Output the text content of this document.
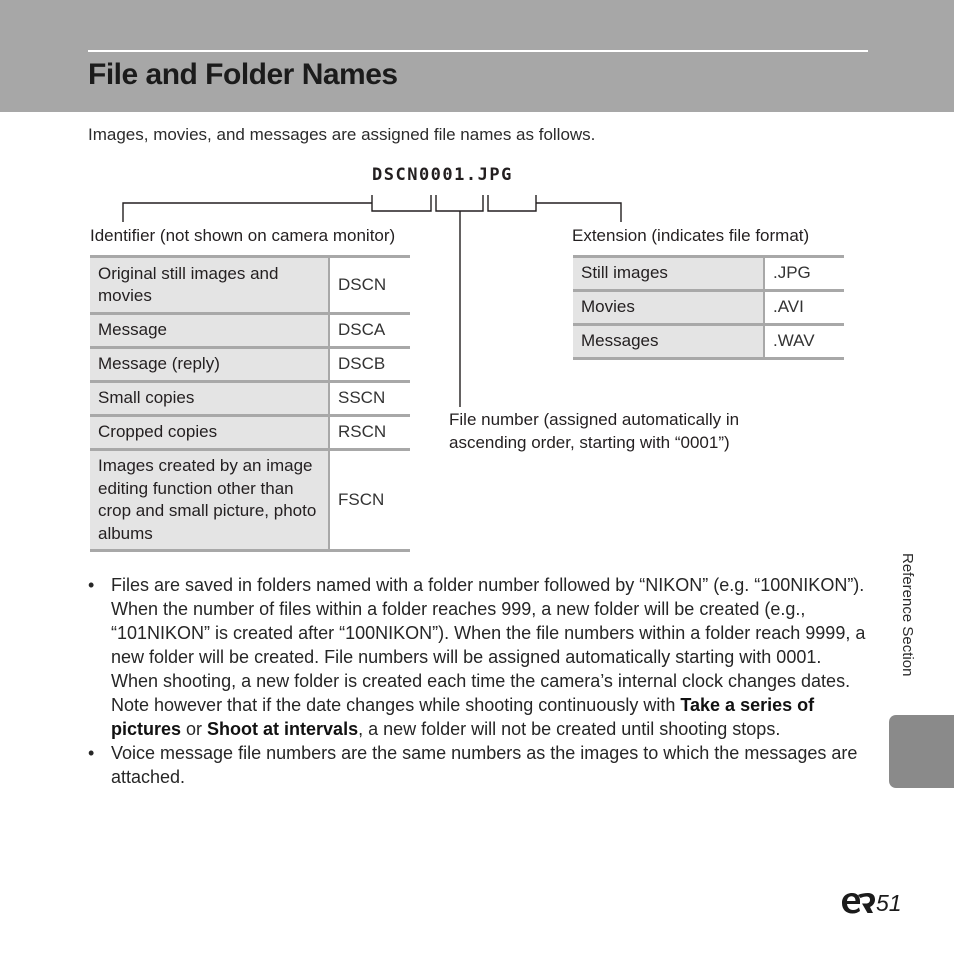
File and Folder Names
Images, movies, and messages are assigned file names as follows.
DSCN0001.JPG
Identifier (not shown on camera monitor)	Extension (indicates file format)
File number (assigned automatically in
ascending order, starting with “0001”)
Original still images and movies	DSCN
Message	DSCA
Message (reply)	DSCB
Small copies	SSCN
Cropped copies	RSCN
Images created by an image editing function other than crop and small picture, photo albums	FSCN
Still images	.JPG
Movies	.AVI
Messages	.WAV
• Files are saved in folders named with a folder number followed by “NIKON” (e.g. “100NIKON”). When the number of files within a folder reaches 999, a new folder will be created (e.g., “101NIKON” is created after “100NIKON”). When the file numbers within a folder reach 9999, a new folder will be created. File numbers will be assigned automatically starting with 0001. When shooting, a new folder is created each time the camera’s internal clock changes dates. Note however that if the date changes while shooting continuously with Take a series of pictures or Shoot at intervals, a new folder will not be created until shooting stops.
• Voice message file numbers are the same numbers as the images to which the messages are attached.
Reference Section
51
